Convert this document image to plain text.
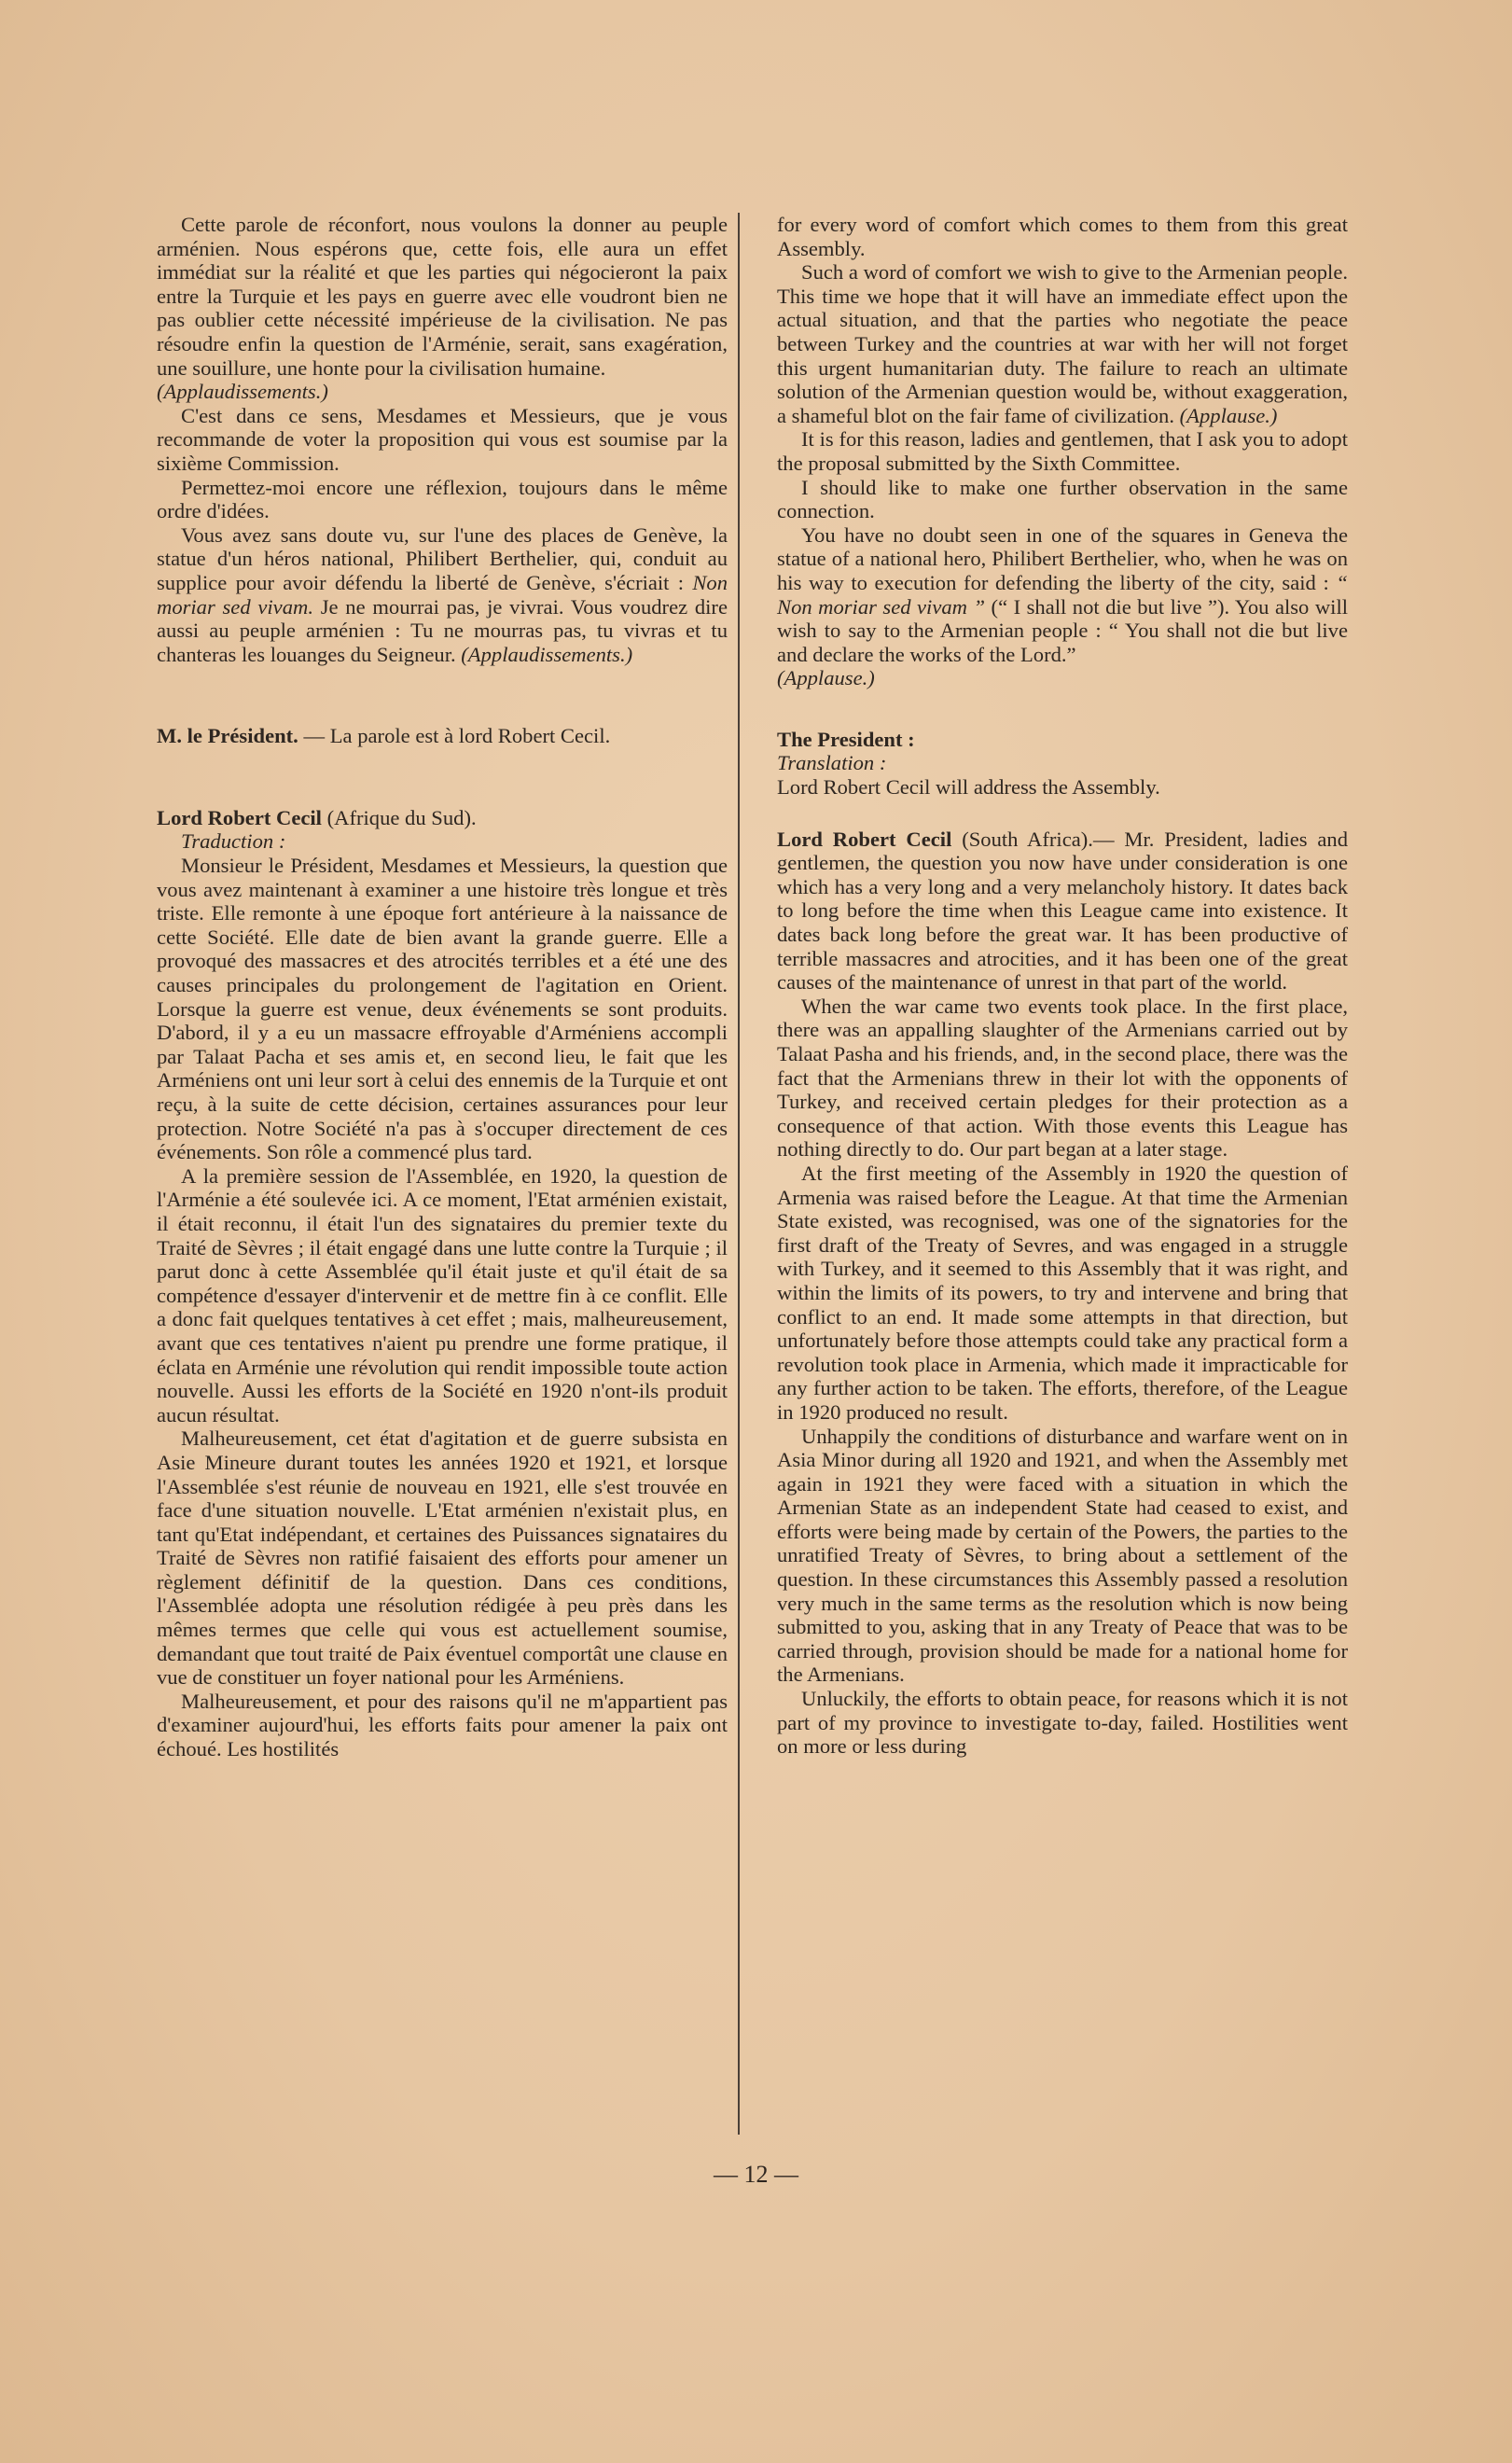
Cette parole de réconfort, nous voulons la donner au peuple arménien. Nous espérons que, cette fois, elle aura un effet immédiat sur la réalité et que les parties qui négocieront la paix entre la Turquie et les pays en guerre avec elle voudront bien ne pas oublier cette nécessité impérieuse de la civilisation. Ne pas résoudre enfin la question de l'Arménie, serait, sans exagération, une souillure, une honte pour la civilisation humaine.

(Applaudissements.)

C'est dans ce sens, Mesdames et Messieurs, que je vous recommande de voter la proposition qui vous est soumise par la sixième Commission.

Permettez-moi encore une réflexion, toujours dans le même ordre d'idées.

Vous avez sans doute vu, sur l'une des places de Genève, la statue d'un héros national, Philibert Berthelier, qui, conduit au supplice pour avoir défendu la liberté de Genève, s'écriait : Non moriar sed vivam. Je ne mourrai pas, je vivrai. Vous voudrez dire aussi au peuple arménien : Tu ne mourras pas, tu vivras et tu chanteras les louanges du Seigneur. (Applaudissements.)

M. le Président. — La parole est à lord Robert Cecil.

Lord Robert Cecil (Afrique du Sud).

Traduction :

Monsieur le Président, Mesdames et Messieurs, la question que vous avez maintenant à examiner a une histoire très longue et très triste. Elle remonte à une époque fort antérieure à la naissance de cette Société. Elle date de bien avant la grande guerre. Elle a provoqué des massacres et des atrocités terribles et a été une des causes principales du prolongement de l'agitation en Orient. Lorsque la guerre est venue, deux événements se sont produits. D'abord, il y a eu un massacre effroyable d'Arméniens accompli par Talaat Pacha et ses amis et, en second lieu, le fait que les Arméniens ont uni leur sort à celui des ennemis de la Turquie et ont reçu, à la suite de cette décision, certaines assurances pour leur protection. Notre Société n'a pas à s'occuper directement de ces événements. Son rôle a commencé plus tard.

A la première session de l'Assemblée, en 1920, la question de l'Arménie a été soulevée ici. A ce moment, l'Etat arménien existait, il était reconnu, il était l'un des signataires du premier texte du Traité de Sèvres ; il était engagé dans une lutte contre la Turquie ; il parut donc à cette Assemblée qu'il était juste et qu'il était de sa compétence d'essayer d'intervenir et de mettre fin à ce conflit. Elle a donc fait quelques tentatives à cet effet ; mais, malheureusement, avant que ces tentatives n'aient pu prendre une forme pratique, il éclata en Arménie une révolution qui rendit impossible toute action nouvelle. Aussi les efforts de la Société en 1920 n'ont-ils produit aucun résultat.

Malheureusement, cet état d'agitation et de guerre subsista en Asie Mineure durant toutes les années 1920 et 1921, et lorsque l'Assemblée s'est réunie de nouveau en 1921, elle s'est trouvée en face d'une situation nouvelle. L'Etat arménien n'existait plus, en tant qu'Etat indépendant, et certaines des Puissances signataires du Traité de Sèvres non ratifié faisaient des efforts pour amener un règlement définitif de la question. Dans ces conditions, l'Assemblée adopta une résolution rédigée à peu près dans les mêmes termes que celle qui vous est actuellement soumise, demandant que tout traité de Paix éventuel comportât une clause en vue de constituer un foyer national pour les Arméniens.

Malheureusement, et pour des raisons qu'il ne m'appartient pas d'examiner aujourd'hui, les efforts faits pour amener la paix ont échoué. Les hostilités

for every word of comfort which comes to them from this great Assembly.

Such a word of comfort we wish to give to the Armenian people. This time we hope that it will have an immediate effect upon the actual situation, and that the parties who negotiate the peace between Turkey and the countries at war with her will not forget this urgent humanitarian duty. The failure to reach an ultimate solution of the Armenian question would be, without exaggeration, a shameful blot on the fair fame of civilization. (Applause.)

It is for this reason, ladies and gentlemen, that I ask you to adopt the proposal submitted by the Sixth Committee.

I should like to make one further observation in the same connection.

You have no doubt seen in one of the squares in Geneva the statue of a national hero, Philibert Berthelier, who, when he was on his way to execution for defending the liberty of the city, said : “ Non moriar sed vivam ” (“ I shall not die but live ”). You also will wish to say to the Armenian people : “ You shall not die but live and declare the works of the Lord.”

(Applause.)

The President :

Translation :

Lord Robert Cecil will address the Assembly.

Lord Robert Cecil (South Africa).— Mr. President, ladies and gentlemen, the question you now have under consideration is one which has a very long and a very melancholy history. It dates back to long before the time when this League came into existence. It dates back long before the great war. It has been productive of terrible massacres and atrocities, and it has been one of the great causes of the maintenance of unrest in that part of the world.

When the war came two events took place. In the first place, there was an appalling slaughter of the Armenians carried out by Talaat Pasha and his friends, and, in the second place, there was the fact that the Armenians threw in their lot with the opponents of Turkey, and received certain pledges for their protection as a consequence of that action. With those events this League has nothing directly to do. Our part began at a later stage.

At the first meeting of the Assembly in 1920 the question of Armenia was raised before the League. At that time the Armenian State existed, was recognised, was one of the signatories for the first draft of the Treaty of Sevres, and was engaged in a struggle with Turkey, and it seemed to this Assembly that it was right, and within the limits of its powers, to try and intervene and bring that conflict to an end. It made some attempts in that direction, but unfortunately before those attempts could take any practical form a revolution took place in Armenia, which made it impracticable for any further action to be taken. The efforts, therefore, of the League in 1920 produced no result.

Unhappily the conditions of disturbance and warfare went on in Asia Minor during all 1920 and 1921, and when the Assembly met again in 1921 they were faced with a situation in which the Armenian State as an independent State had ceased to exist, and efforts were being made by certain of the Powers, the parties to the unratified Treaty of Sèvres, to bring about a settlement of the question. In these circumstances this Assembly passed a resolution very much in the same terms as the resolution which is now being submitted to you, asking that in any Treaty of Peace that was to be carried through, provision should be made for a national home for the Armenians.

Unluckily, the efforts to obtain peace, for reasons which it is not part of my province to investigate to-day, failed. Hostilities went on more or less during

— 12 —
